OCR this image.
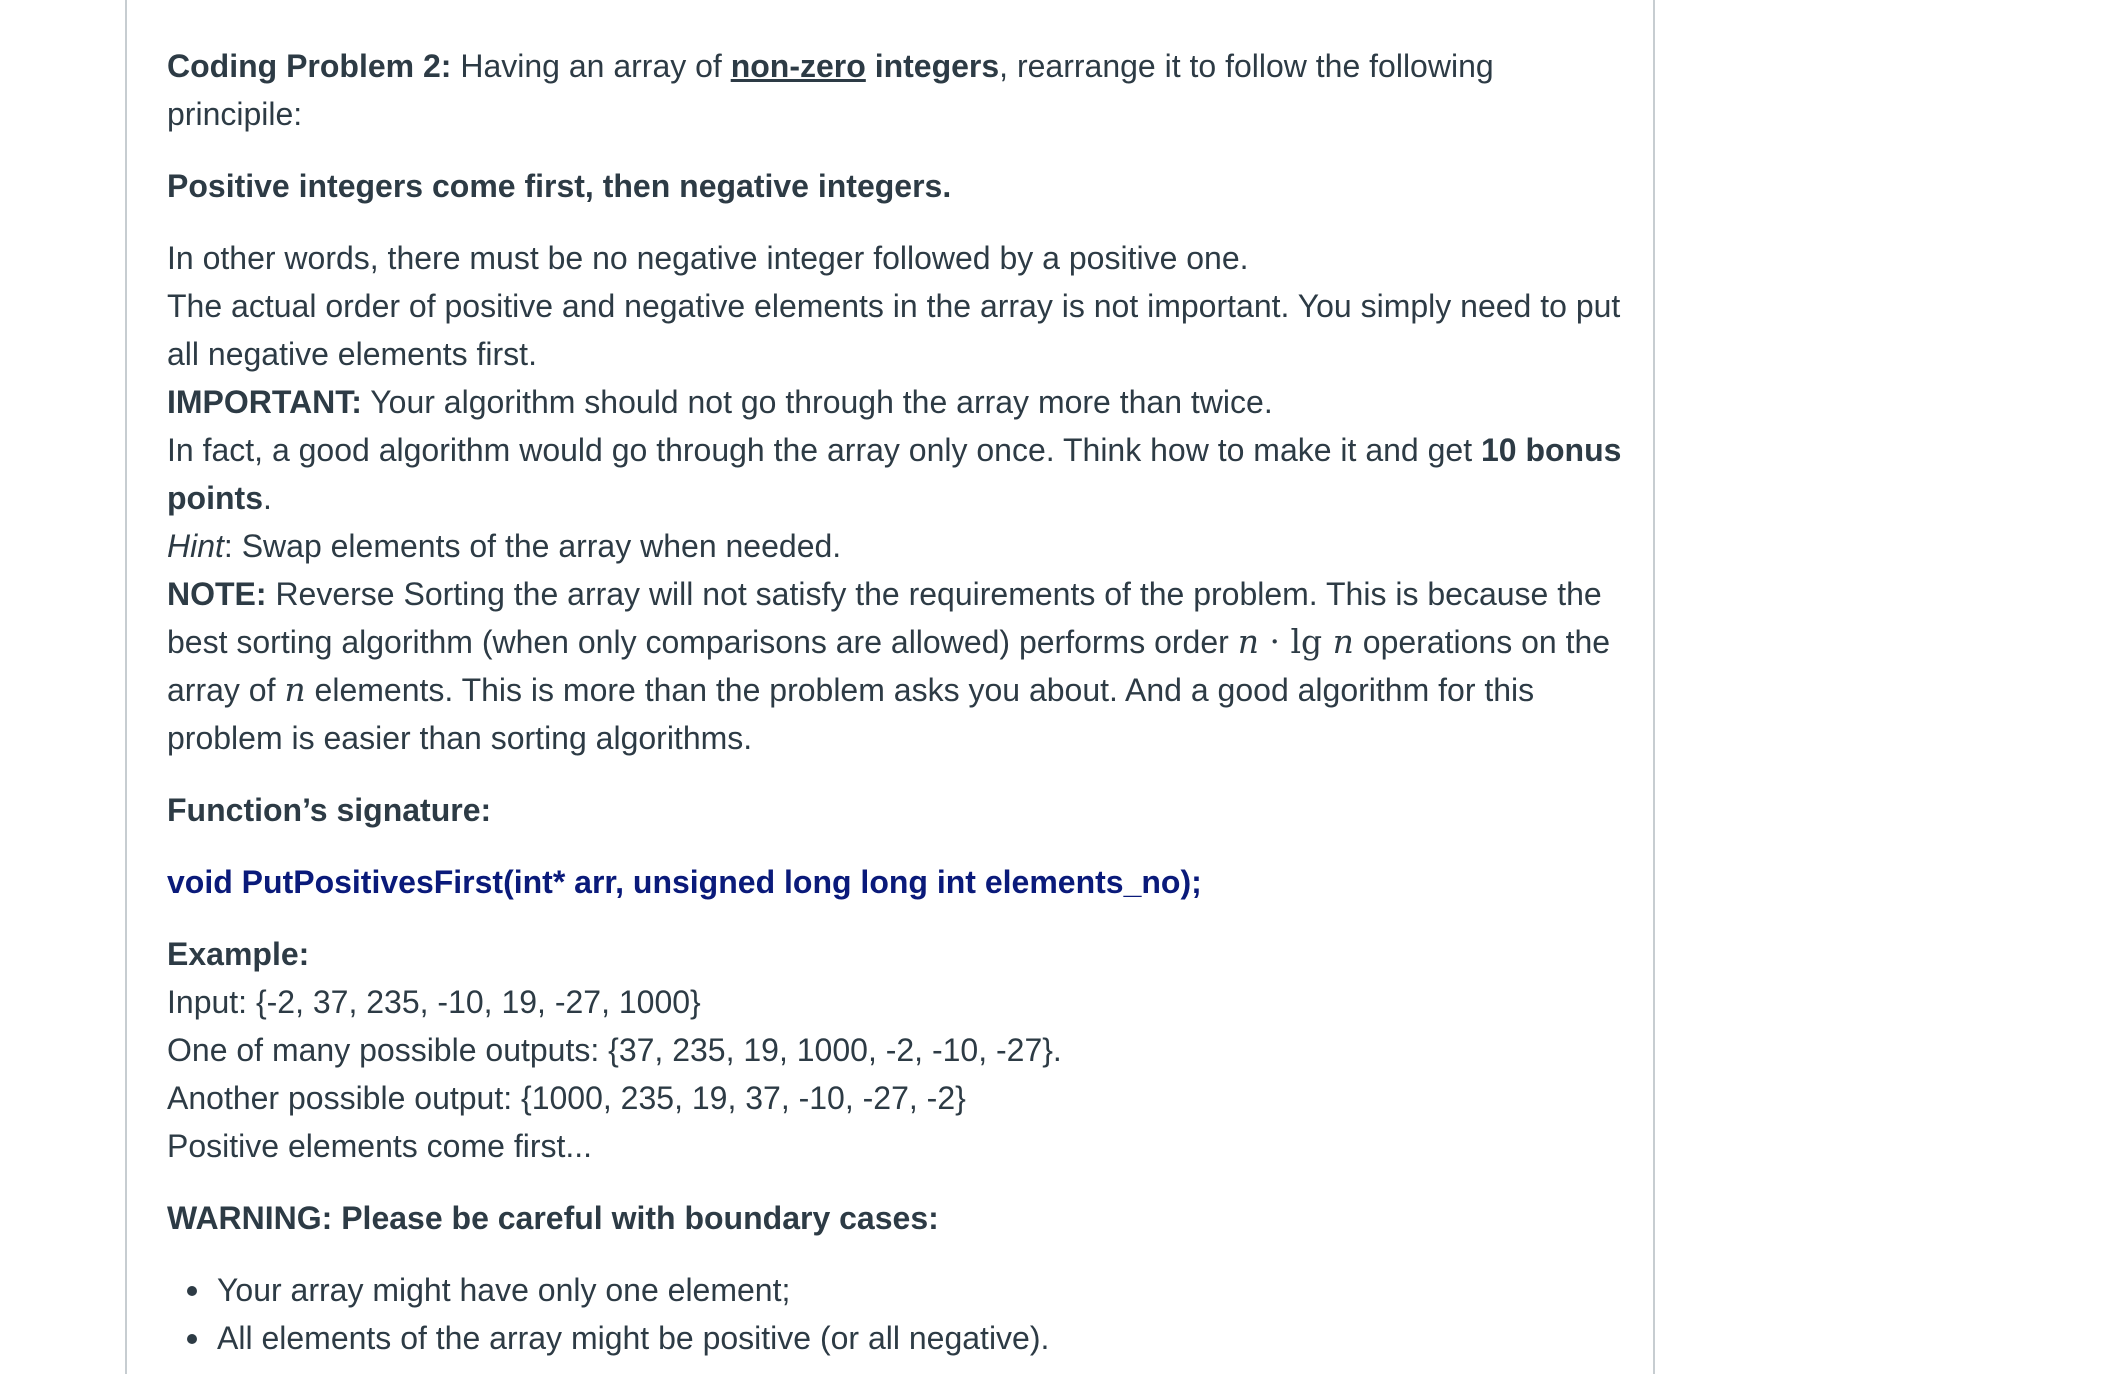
Coding Problem 2: Having an array of non-zero integers, rearrange it to follow the following principile:

Positive integers come first, then negative integers.

In other words, there must be no negative integer followed by a positive one.
The actual order of positive and negative elements in the array is not important. You simply need to put all negative elements first.
IMPORTANT: Your algorithm should not go through the array more than twice.
In fact, a good algorithm would go through the array only once. Think how to make it and get 10 bonus points.
Hint: Swap elements of the array when needed.
NOTE: Reverse Sorting the array will not satisfy the requirements of the problem. This is because the best sorting algorithm (when only comparisons are allowed) performs order n · lg n operations on the array of n elements. This is more than the problem asks you about. And a good algorithm for this problem is easier than sorting algorithms.

Function’s signature:

void PutPositivesFirst(int* arr, unsigned long long int elements_no);

Example:
Input: {-2, 37, 235, -10, 19, -27, 1000}
One of many possible outputs: {37, 235, 19, 1000, -2, -10, -27}.
Another possible output: {1000, 235, 19, 37, -10, -27, -2}
Positive elements come first...

WARNING: Please be careful with boundary cases:

Your array might have only one element;
All elements of the array might be positive (or all negative).
